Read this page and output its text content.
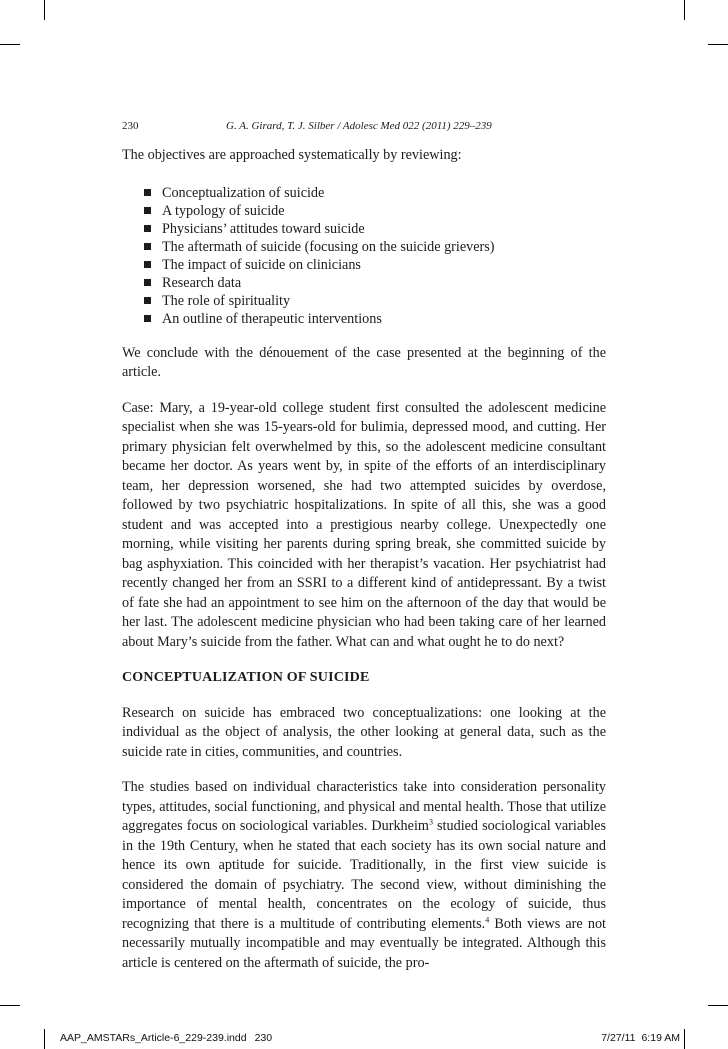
230	G. A. Girard, T. J. Silber / Adolesc Med 022 (2011) 229–239

The objectives are approached systematically by reviewing:

Conceptualization of suicide
A typology of suicide
Physicians’ attitudes toward suicide
The aftermath of suicide (focusing on the suicide grievers)
The impact of suicide on clinicians
Research data
The role of spirituality
An outline of therapeutic interventions

We conclude with the dénouement of the case presented at the beginning of the article.

Case: Mary, a 19-year-old college student first consulted the adolescent medicine specialist when she was 15-years-old for bulimia, depressed mood, and cutting. Her primary physician felt overwhelmed by this, so the adolescent medicine consultant became her doctor. As years went by, in spite of the efforts of an interdisciplinary team, her depression worsened, she had two attempted suicides by overdose, followed by two psychiatric hospitalizations. In spite of all this, she was a good student and was accepted into a prestigious nearby college. Unexpectedly one morning, while visiting her parents during spring break, she committed suicide by bag asphyxiation. This coincided with her therapist’s vacation. Her psychiatrist had recently changed her from an SSRI to a different kind of antidepressant. By a twist of fate she had an appointment to see him on the afternoon of the day that would be her last. The adolescent medicine physician who had been taking care of her learned about Mary’s suicide from the father. What can and what ought he to do next?

CONCEPTUALIZATION OF SUICIDE

Research on suicide has embraced two conceptualizations: one looking at the individual as the object of analysis, the other looking at general data, such as the suicide rate in cities, communities, and countries.

The studies based on individual characteristics take into consideration personality types, attitudes, social functioning, and physical and mental health. Those that utilize aggregates focus on sociological variables. Durkheim$^3$ studied sociological variables in the 19th Century, when he stated that each society has its own social nature and hence its own aptitude for suicide. Traditionally, in the first view suicide is considered the domain of psychiatry. The second view, without diminishing the importance of mental health, concentrates on the ecology of suicide, thus recognizing that there is a multitude of contributing elements.$^4$ Both views are not necessarily mutually incompatible and may eventually be integrated. Although this article is centered on the aftermath of suicide, the pro-

AAP_AMSTARs_Article-6_229-239.indd 230	7/27/11 6:19 AM
